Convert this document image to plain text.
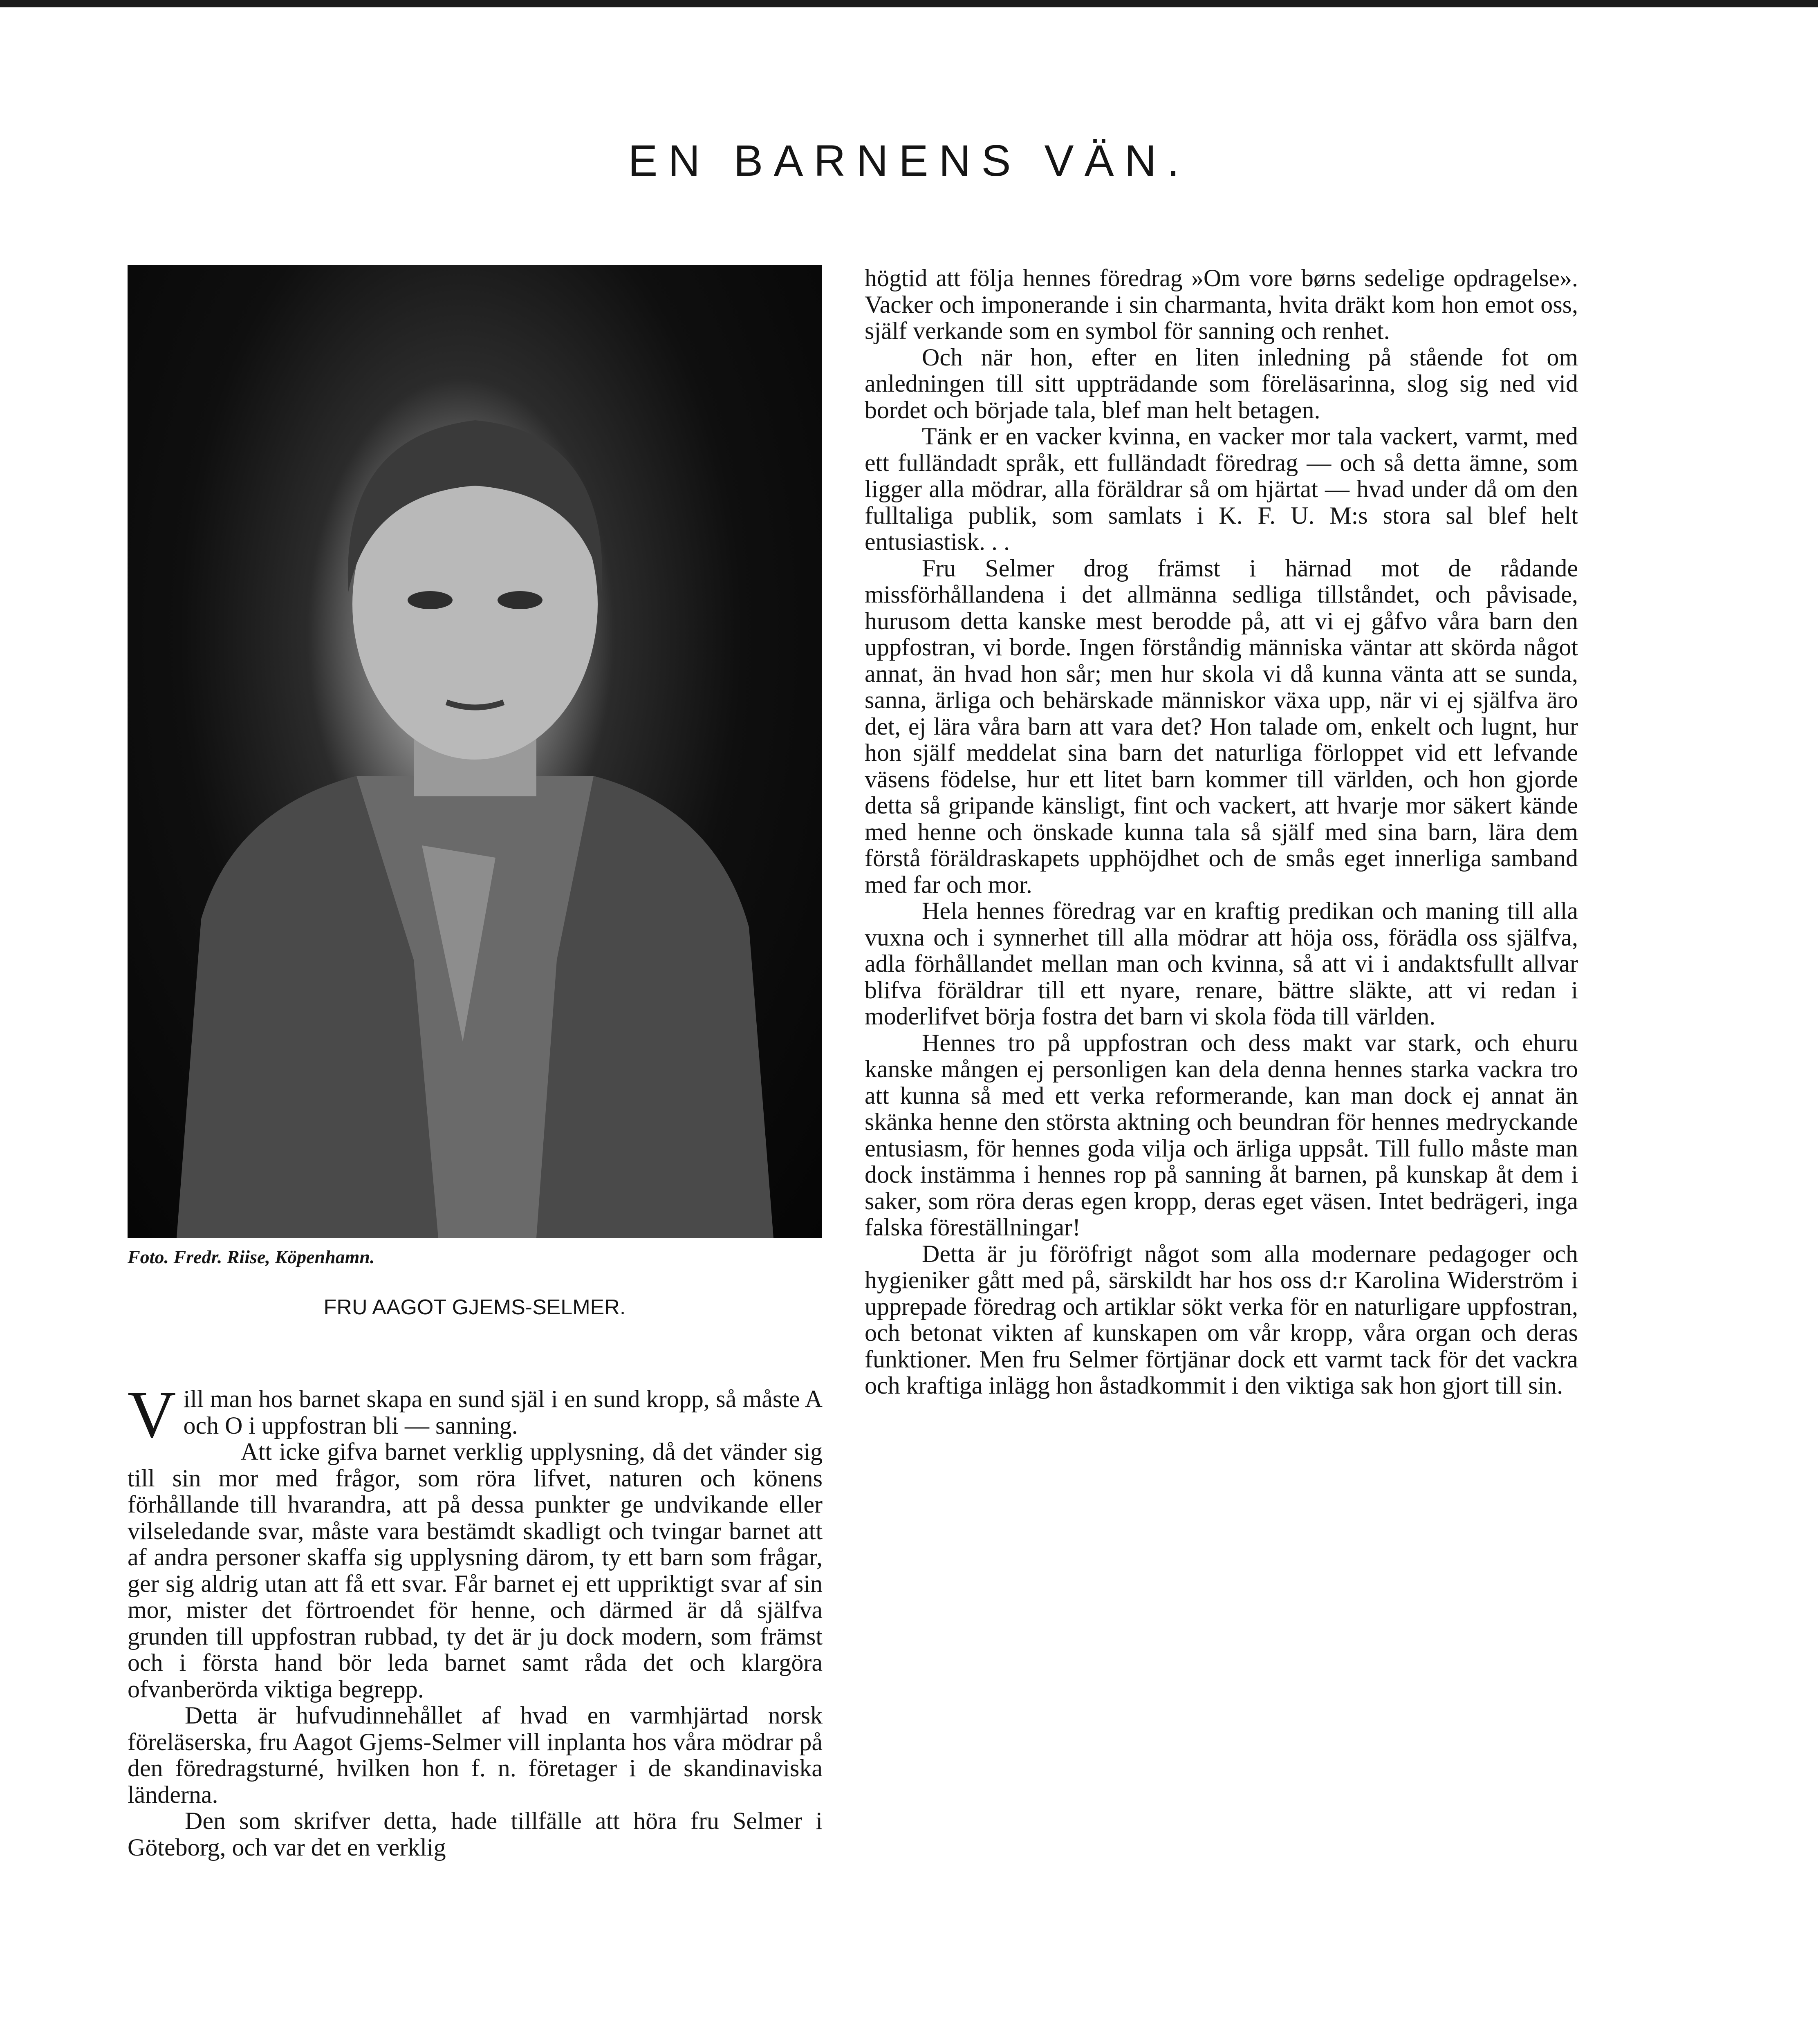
EN BARNENS VÄN.

Foto. Fredr. Riise, Köpenhamn.

FRU AAGOT GJEMS-SELMER.

Vill man hos barnet skapa en sund själ i en sund kropp, så måste A och O i uppfostran bli — sanning.

Att icke gifva barnet verklig upplysning, då det vänder sig till sin mor med frågor, som röra lifvet, naturen och könens förhållande till hvarandra, att på dessa punkter ge undvikande eller vilseledande svar, måste vara bestämdt skadligt och tvingar barnet att af andra personer skaffa sig upplysning därom, ty ett barn som frågar, ger sig aldrig utan att få ett svar. Får barnet ej ett uppriktigt svar af sin mor, mister det förtroendet för henne, och därmed är då själfva grunden till uppfostran rubbad, ty det är ju dock modern, som främst och i första hand bör leda barnet samt råda det och klargöra ofvanberörda viktiga begrepp.

Detta är hufvudinnehållet af hvad en varmhjärtad norsk föreläserska, fru Aagot Gjems-Selmer vill inplanta hos våra mödrar på den föredragsturné, hvilken hon f. n. företager i de skandinaviska länderna.

Den som skrifver detta, hade tillfälle att höra fru Selmer i Göteborg, och var det en verklig

högtid att följa hennes föredrag »Om vore børns sedelige opdragelse». Vacker och imponerande i sin charmanta, hvita dräkt kom hon emot oss, själf verkande som en symbol för sanning och renhet.

Och när hon, efter en liten inledning på stående fot om anledningen till sitt uppträdande som föreläsarinna, slog sig ned vid bordet och började tala, blef man helt betagen.

Tänk er en vacker kvinna, en vacker mor tala vackert, varmt, med ett fulländadt språk, ett fulländadt föredrag — och så detta ämne, som ligger alla mödrar, alla föräldrar så om hjärtat — hvad under då om den fulltaliga publik, som samlats i K. F. U. M:s stora sal blef helt entusiastisk. . .

Fru Selmer drog främst i härnad mot de rådande missförhållandena i det allmänna sedliga tillståndet, och påvisade, hurusom detta kanske mest berodde på, att vi ej gåfvo våra barn den uppfostran, vi borde. Ingen förståndig människa väntar att skörda något annat, än hvad hon sår; men hur skola vi då kunna vänta att se sunda, sanna, ärliga och behärskade människor växa upp, när vi ej själfva äro det, ej lära våra barn att vara det? Hon talade om, enkelt och lugnt, hur hon själf meddelat sina barn det naturliga förloppet vid ett lefvande väsens födelse, hur ett litet barn kommer till världen, och hon gjorde detta så gripande känsligt, fint och vackert, att hvarje mor säkert kände med henne och önskade kunna tala så själf med sina barn, lära dem förstå föräldraskapets upphöjdhet och de smås eget innerliga samband med far och mor.

Hela hennes föredrag var en kraftig predikan och maning till alla vuxna och i synnerhet till alla mödrar att höja oss, förädla oss själfva, adla förhållandet mellan man och kvinna, så att vi i andaktsfullt allvar blifva föräldrar till ett nyare, renare, bättre släkte, att vi redan i moderlifvet börja fostra det barn vi skola föda till världen.

Hennes tro på uppfostran och dess makt var stark, och ehuru kanske mången ej personligen kan dela denna hennes starka vackra tro att kunna så med ett verka reformerande, kan man dock ej annat än skänka henne den största aktning och beundran för hennes medryckande entusiasm, för hennes goda vilja och ärliga uppsåt. Till fullo måste man dock instämma i hennes rop på sanning åt barnen, på kunskap åt dem i saker, som röra deras egen kropp, deras eget väsen. Intet bedrägeri, inga falska föreställningar!

Detta är ju föröfrigt något som alla modernare pedagoger och hygieniker gått med på, särskildt har hos oss d:r Karolina Widerström i upprepade föredrag och artiklar sökt verka för en naturligare uppfostran, och betonat vikten af kunskapen om vår kropp, våra organ och deras funktioner. Men fru Selmer förtjänar dock ett varmt tack för det vackra och kraftiga inlägg hon åstadkommit i den viktiga sak hon gjort till sin.
